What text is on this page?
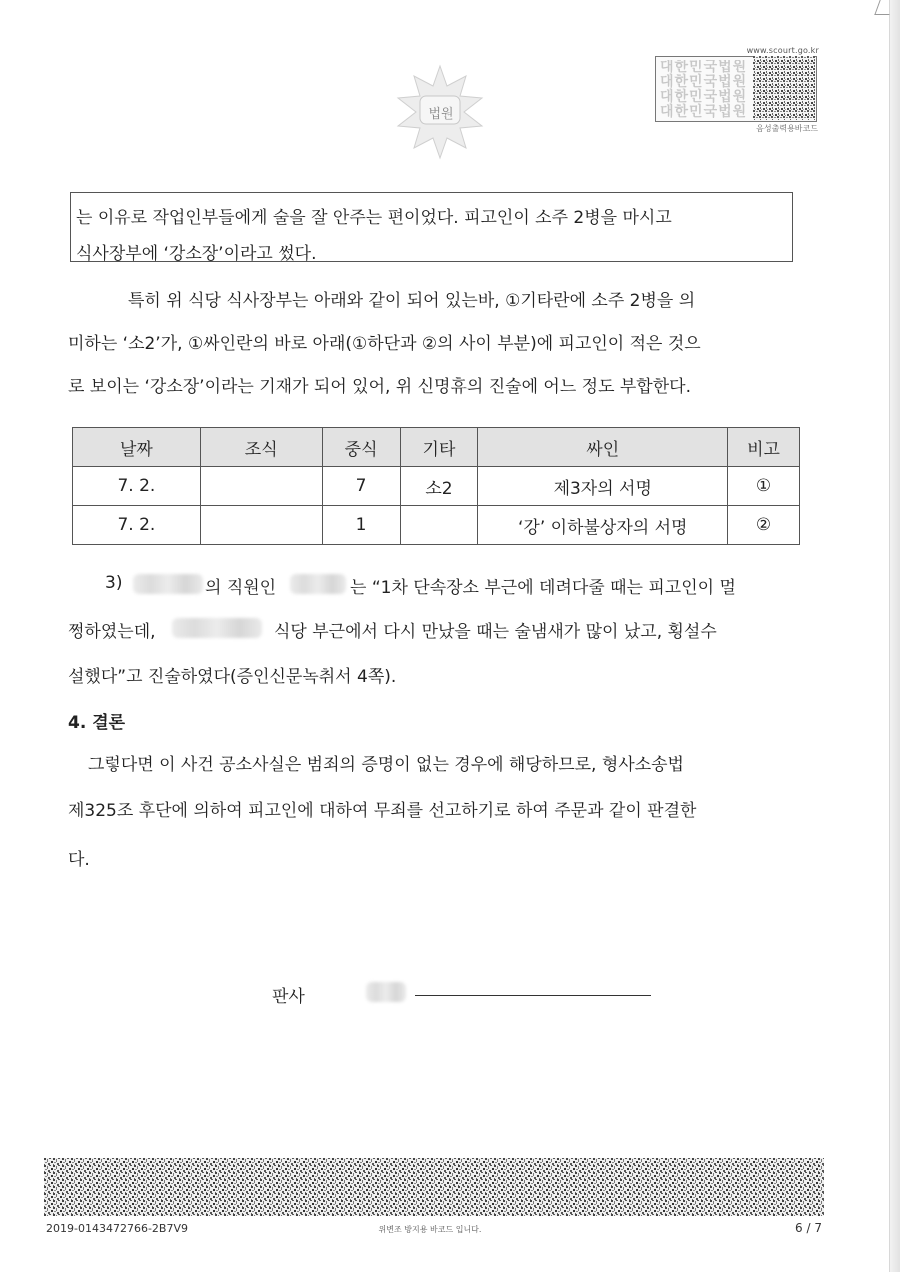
법원
www.scourt.go.kr
대한민국법원대한민국법원대한민국법원대한민국법원
음성출력용바코드
는 이유로 작업인부들에게 술을 잘 안주는 편이었다. 피고인이 소주 2병을 마시고
식사장부에 ‘강소장’이라고 썼다.
특히 위 식당 식사장부는 아래와 같이 되어 있는바, ①기타란에 소주 2병을 의
미하는 ‘소2’가, ①싸인란의 바로 아래(①하단과 ②의 사이 부분)에 피고인이 적은 것으
로 보이는 ‘강소장’이라는 기재가 되어 있어, 위 신명휴의 진술에 어느 정도 부합한다.
날짜	조식	중식	기타	싸인	비고
7. 2.		7	소2	제3자의 서명	①
7. 2.		1		‘강’ 이하불상자의 서명	②
3)	의 직원인	는 “1차 단속장소 부근에 데려다줄 때는 피고인이 멀
쩡하였는데,	식당 부근에서 다시 만났을 때는 술냄새가 많이 났고, 횡설수
설했다”고 진술하였다(증인신문녹취서 4쪽).
4. 결론
그렇다면 이 사건 공소사실은 범죄의 증명이 없는 경우에 해당하므로, 형사소송법
제325조 후단에 의하여 피고인에 대하여 무죄를 선고하기로 하여 주문과 같이 판결한
다.
판사
2019-0143472766-2B7V9	위변조 방지용 바코드 입니다.	6 / 7
